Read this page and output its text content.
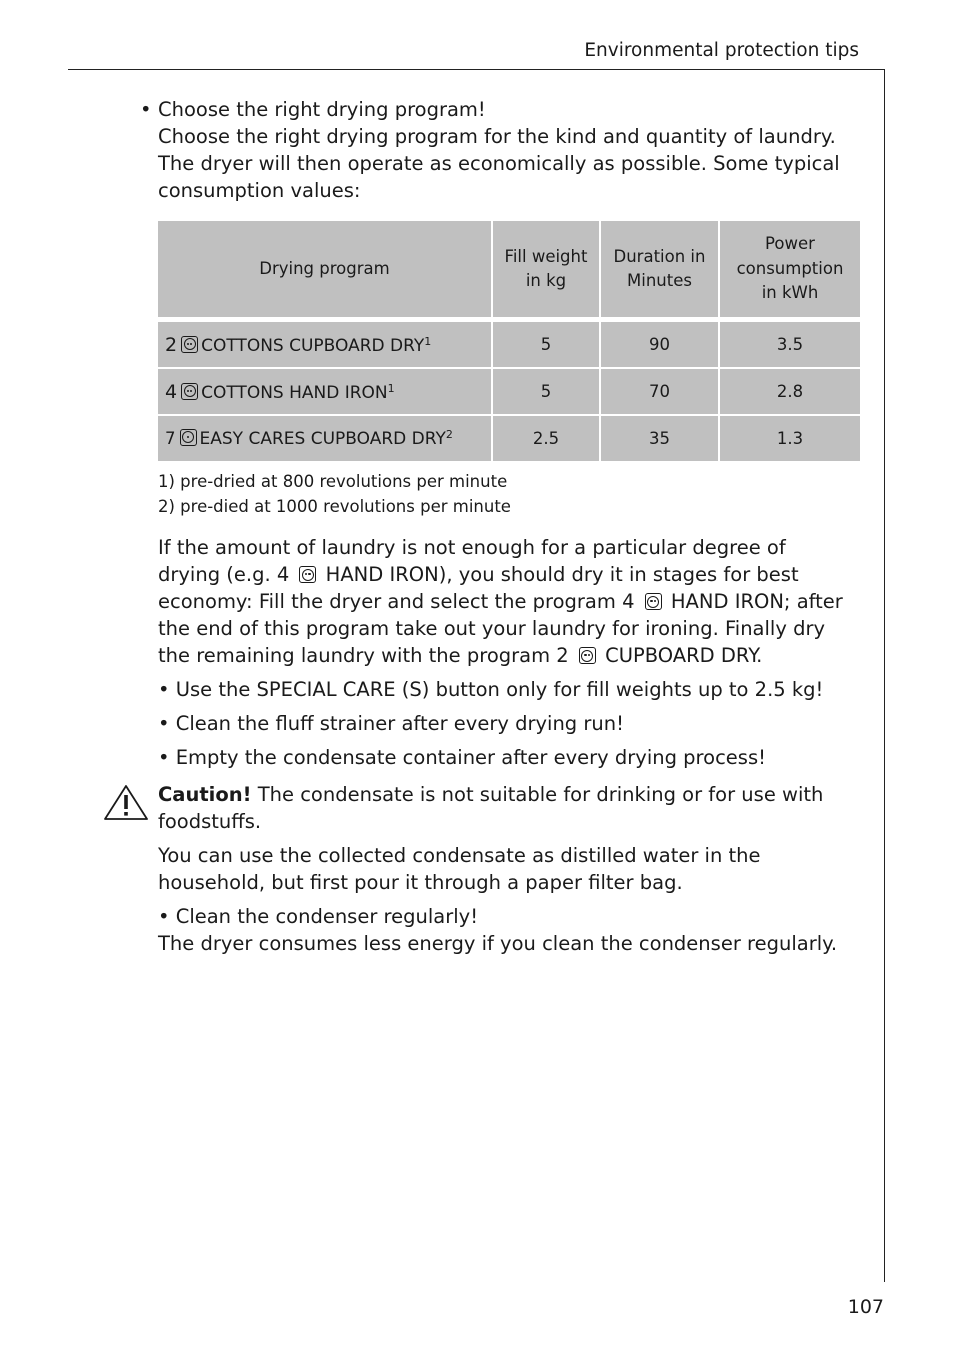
Environmental protection tips
• Choose the right drying program!
Choose the right drying program for the kind and quantity of laundry.
The dryer will then operate as economically as possible. Some typical
consumption values:
Drying program	Fill weight in kg	Duration in Minutes	Power consumption in kWh

2 COTTONS CUPBOARD DRY$^1$	5	90	3.5
4 COTTONS HAND IRON$^1$	5	70	2.8
7 EASY CARES CUPBOARD DRY$^2$	2.5	35	1.3
1) pre-dried at 800 revolutions per minute
2) pre-died at 1000 revolutions per minute
If the amount of laundry is not enough for a particular degree of
drying (e.g. 4
HAND IRON), you should dry it in stages for best
economy: Fill the dryer and select the program 4
HAND IRON; after
the end of this program take out your laundry for ironing. Finally dry
the remaining laundry with the program 2
CUPBOARD DRY.
• Use the SPECIAL CARE (S) button only for fill weights up to 2.5 kg!
• Clean the fluff strainer after every drying run!
• Empty the condensate container after every drying process!
Caution! The condensate is not suitable for drinking or for use with
foodstuffs.
You can use the collected condensate as distilled water in the
household, but first pour it through a paper filter bag.
• Clean the condenser regularly!
The dryer consumes less energy if you clean the condenser regularly.
107
